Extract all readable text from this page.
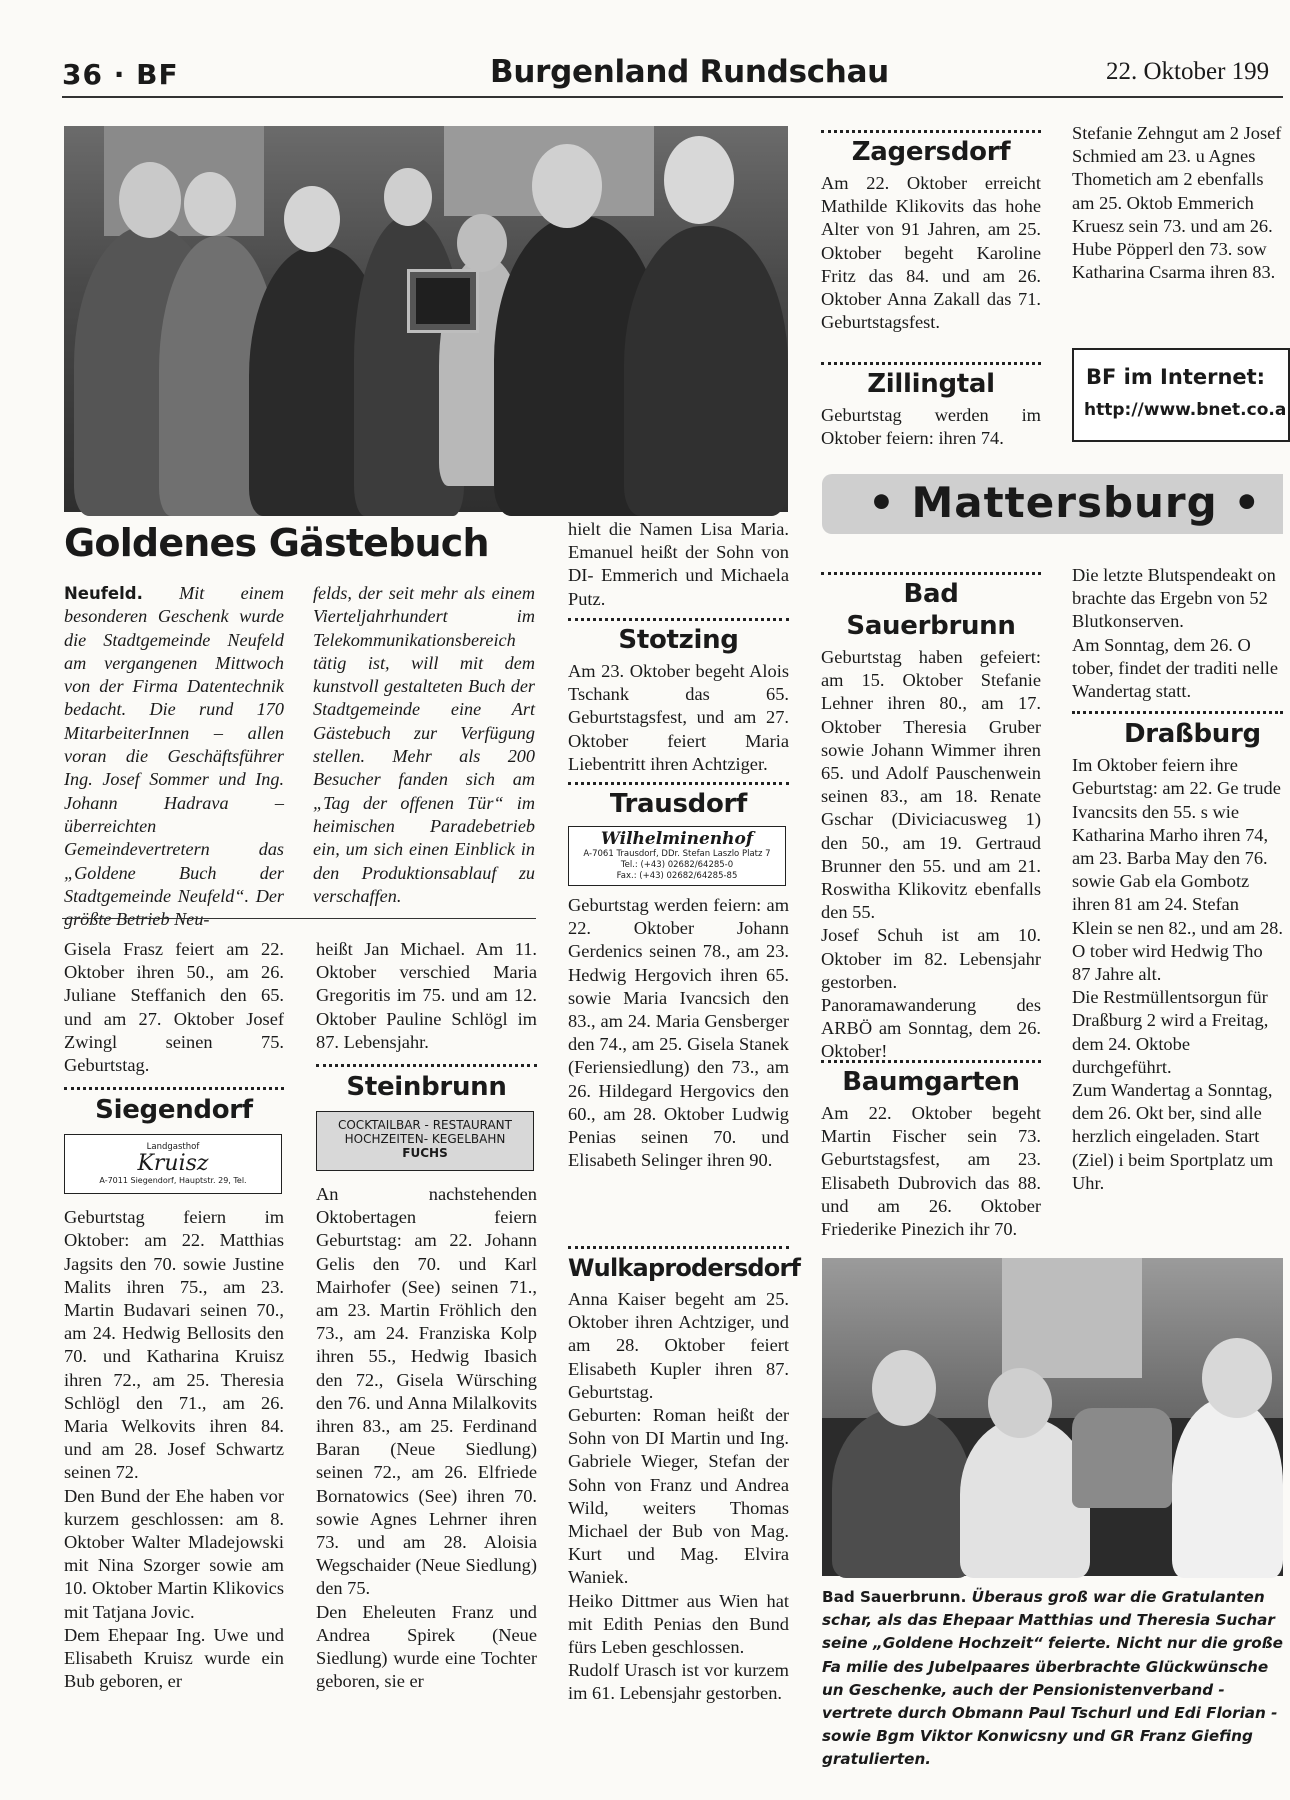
36 · BF	Burgenland Rundschau	22. Oktober 199
Goldenes Gästebuch
Neufeld. Mit einem besonderen Geschenk wurde die Stadtgemeinde Neufeld am vergangenen Mittwoch von der Firma Datentechnik bedacht. Die rund 170 MitarbeiterInnen – allen voran die Geschäftsführer Ing. Josef Sommer und Ing. Johann Hadrava – überreichten Gemeindevertretern das „Goldene Buch der Stadtgemeinde Neufeld“. Der größte Betrieb Neu-
felds, der seit mehr als einem Vierteljahrhundert im Telekommunikationsbereich tätig ist, will mit dem kunstvoll gestalteten Buch der Stadtgemeinde eine Art Gästebuch zur Verfügung stellen. Mehr als 200 Besucher fanden sich am „Tag der offenen Tür“ im heimischen Paradebetrieb ein, um sich einen Einblick in den Produktionsablauf zu verschaffen.
hielt die Namen Lisa Maria. Emanuel heißt der Sohn von DI- Emmerich und Michaela Putz.
Stotzing

Am 23. Oktober begeht Alois Tschank das 65. Geburtstagsfest, und am 27. Oktober feiert Maria Liebentritt ihren Achtziger.

Trausdorf
Wilhelminenhof
A-7061 Trausdorf, DDr. Stefan Laszlo Platz 7
Tel.: (+43) 02682/64285-0
Fax.: (+43) 02682/64285-85

Geburtstag werden feiern: am 22. Oktober Johann Gerdenics seinen 78., am 23. Hedwig Hergovich ihren 65. sowie Maria Ivancsich den 83., am 24. Maria Gensberger den 74., am 25. Gisela Stanek (Feriensiedlung) den 73., am 26. Hildegard Hergovics den 60., am 28. Oktober Ludwig Penias seinen 70. und Elisabeth Selinger ihren 90.

Wulkaprodersdorf

Anna Kaiser begeht am 25. Oktober ihren Achtziger, und am 28. Oktober feiert Elisabeth Kupler ihren 87. Geburtstag.

Geburten: Roman heißt der Sohn von DI Martin und Ing. Gabriele Wieger, Stefan der Sohn von Franz und Andrea Wild, weiters Thomas Michael der Bub von Mag. Kurt und Mag. Elvira Waniek.

Heiko Dittmer aus Wien hat mit Edith Penias den Bund fürs Leben geschlossen.

Rudolf Urasch ist vor kurzem im 61. Lebensjahr gestorben.

Gisela Frasz feiert am 22. Oktober ihren 50., am 26. Juliane Steffanich den 65. und am 27. Oktober Josef Zwingl seinen 75. Geburtstag.

Siegendorf
Landgasthof
Kruisz
A-7011 Siegendorf, Hauptstr. 29, Tel.

Geburtstag feiern im Oktober: am 22. Matthias Jagsits den 70. sowie Justine Malits ihren 75., am 23. Martin Budavari seinen 70., am 24. Hedwig Bellosits den 70. und Katharina Kruisz ihren 72., am 25. Theresia Schlögl den 71., am 26. Maria Welkovits ihren 84. und am 28. Josef Schwartz seinen 72.

Den Bund der Ehe haben vor kurzem geschlossen: am 8. Oktober Walter Mladejowski mit Nina Szorger sowie am 10. Oktober Martin Klikovics mit Tatjana Jovic.

Dem Ehepaar Ing. Uwe und Elisabeth Kruisz wurde ein Bub geboren, er

heißt Jan Michael. Am 11. Oktober verschied Maria Gregoritis im 75. und am 12. Oktober Pauline Schlögl im 87. Lebensjahr.

Steinbrunn
COCKTAILBAR - RESTAURANT
HOCHZEITEN- KEGELBAHN
FUCHS

An nachstehenden Oktobertagen feiern Geburtstag: am 22. Johann Gelis den 70. und Karl Mairhofer (See) seinen 71., am 23. Martin Fröhlich den 73., am 24. Franziska Kolp ihren 55., Hedwig Ibasich den 72., Gisela Würsching den 76. und Anna Milalkovits ihren 83., am 25. Ferdinand Baran (Neue Siedlung) seinen 72., am 26. Elfriede Bornatowics (See) ihren 70. sowie Agnes Lehrner ihren 73. und am 28. Aloisia Wegschaider (Neue Siedlung) den 75.

Den Eheleuten Franz und Andrea Spirek (Neue Siedlung) wurde eine Tochter geboren, sie er

Zagersdorf

Am 22. Oktober erreicht Mathilde Klikovits das hohe Alter von 91 Jahren, am 25. Oktober begeht Karoline Fritz das 84. und am 26. Oktober Anna Zakall das 71. Geburtstagsfest.

Zillingtal

Geburtstag werden im Oktober feiern: ihren 74.

Stefanie Zehngut am 2 Josef Schmied am 23. u Agnes Thometich am 2 ebenfalls am 25. Oktob Emmerich Kruesz sein 73. und am 26. Hube Pöpperl den 73. sow Katharina Csarma ihren 83.
BF im Internet:
http://www.bnet.co.a
• Mattersburg •
Bad Sauerbrunn

Geburtstag haben gefeiert: am 15. Oktober Stefanie Lehner ihren 80., am 17. Oktober Theresia Gruber sowie Johann Wimmer ihren 65. und Adolf Pauschenwein seinen 83., am 18. Renate Gschar (Diviciacusweg 1) den 50., am 19. Gertraud Brunner den 55. und am 21. Roswitha Klikovitz ebenfalls den 55.

Josef Schuh ist am 10. Oktober im 82. Lebensjahr gestorben.

Panoramawanderung des ARBÖ am Sonntag, dem 26. Oktober!

Baumgarten

Am 22. Oktober begeht Martin Fischer sein 73. Geburtstagsfest, am 23. Elisabeth Dubrovich das 88. und am 26. Oktober Friederike Pinezich ihr 70.

Die letzte Blutspendeakt on brachte das Ergebn von 52 Blutkonserven.

Am Sonntag, dem 26. O tober, findet der traditi nelle Wandertag statt.

Draßburg

Im Oktober feiern ihre Geburtstag: am 22. Ge trude Ivancsits den 55. s wie Katharina Marho ihren 74, am 23. Barba May den 76. sowie Gab ela Gombotz ihren 81 am 24. Stefan Klein se nen 82., und am 28. O tober wird Hedwig Tho 87 Jahre alt.

Die Restmüllentsorgun für Draßburg 2 wird a Freitag, dem 24. Oktobe durchgeführt.

Zum Wandertag a Sonntag, dem 26. Okt ber, sind alle herzlich eingeladen. Start (Ziel) i beim Sportplatz um Uhr.

Bad Sauerbrunn. Überaus groß war die Gratulanten schar, als das Ehepaar Matthias und Theresia Suchar seine „Goldene Hochzeit“ feierte. Nicht nur die große Fa milie des Jubelpaares überbrachte Glückwünsche un Geschenke, auch der Pensionistenverband - vertrete durch Obmann Paul Tschurl und Edi Florian - sowie Bgm Viktor Konwicsny und GR Franz Giefing gratulierten.
